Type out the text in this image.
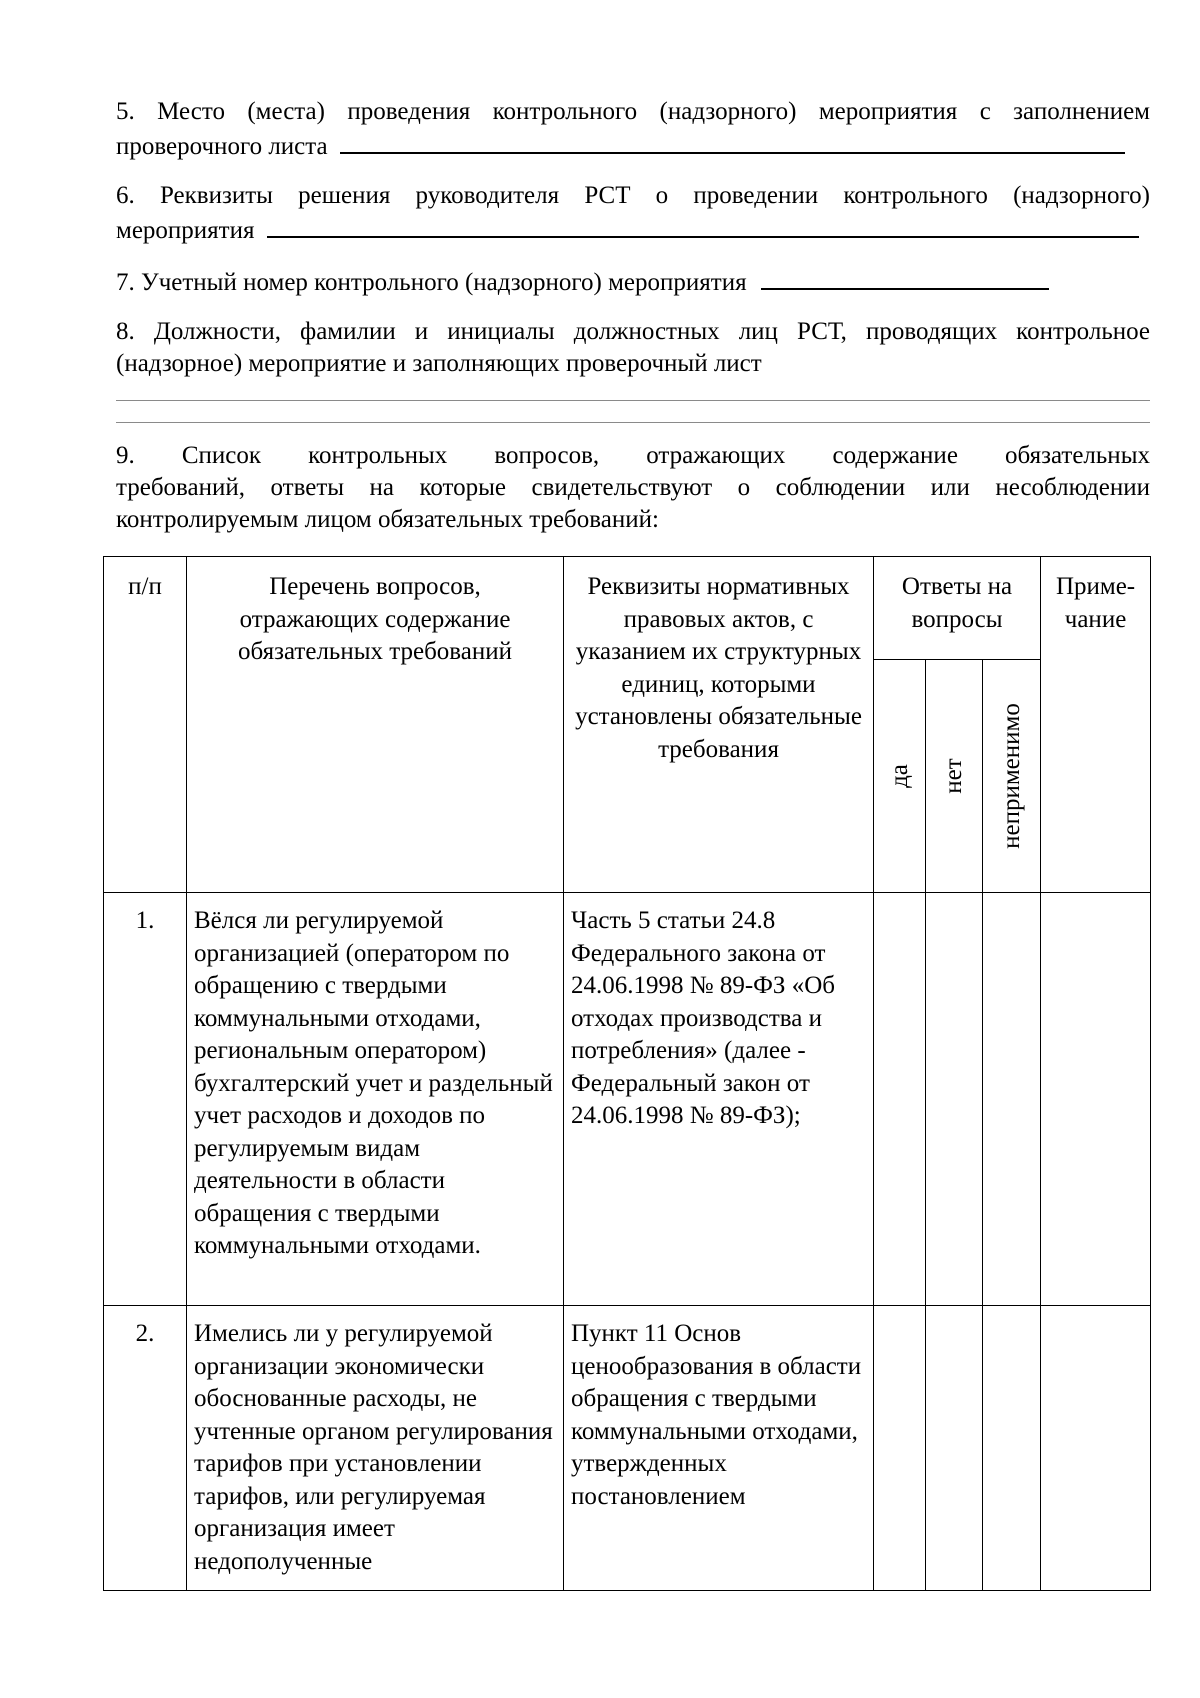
5. Место (места) проведения контрольного (надзорного) мероприятия с заполнением
проверочного листа
6. Реквизиты решения руководителя РСТ о проведении контрольного (надзорного)
мероприятия
7. Учетный номер контрольного (надзорного) мероприятия
8. Должности, фамилии и инициалы должностных лиц РСТ, проводящих контрольное
(надзорное) мероприятие и заполняющих проверочный лист
9. Список контрольных вопросов, отражающих содержание обязательных
требований, ответы на которые свидетельствуют о соблюдении или несоблюдении
контролируемым лицом обязательных требований:
п/п	Перечень вопросов, отражающих содержание обязательных требований	Реквизиты нормативных правовых актов, с указанием их структурных единиц, которыми установлены обязательные требования	Ответы на вопросы			Приме-чание

			да	нет	неприменимо	

1.	Вёлся ли регулируемой организацией (оператором по обращению с твердыми коммунальными отходами, региональным оператором) бухгалтерский учет и раздельный учет расходов и доходов по регулируемым видам деятельности в области обращения с твердыми коммунальными отходами.	Часть 5 статьи 24.8 Федерального закона от 24.06.1998 № 89-ФЗ «Об отходах производства и потребления» (далее - Федеральный закон от 24.06.1998 № 89-ФЗ);				
2.	Имелись ли у регулируемой организации экономически обоснованные расходы, не учтенные органом регулирования тарифов при установлении тарифов, или регулируемая организация имеет недополученные	Пункт 11 Основ ценообразования в области обращения с твердыми коммунальными отходами, утвержденных постановлением				
